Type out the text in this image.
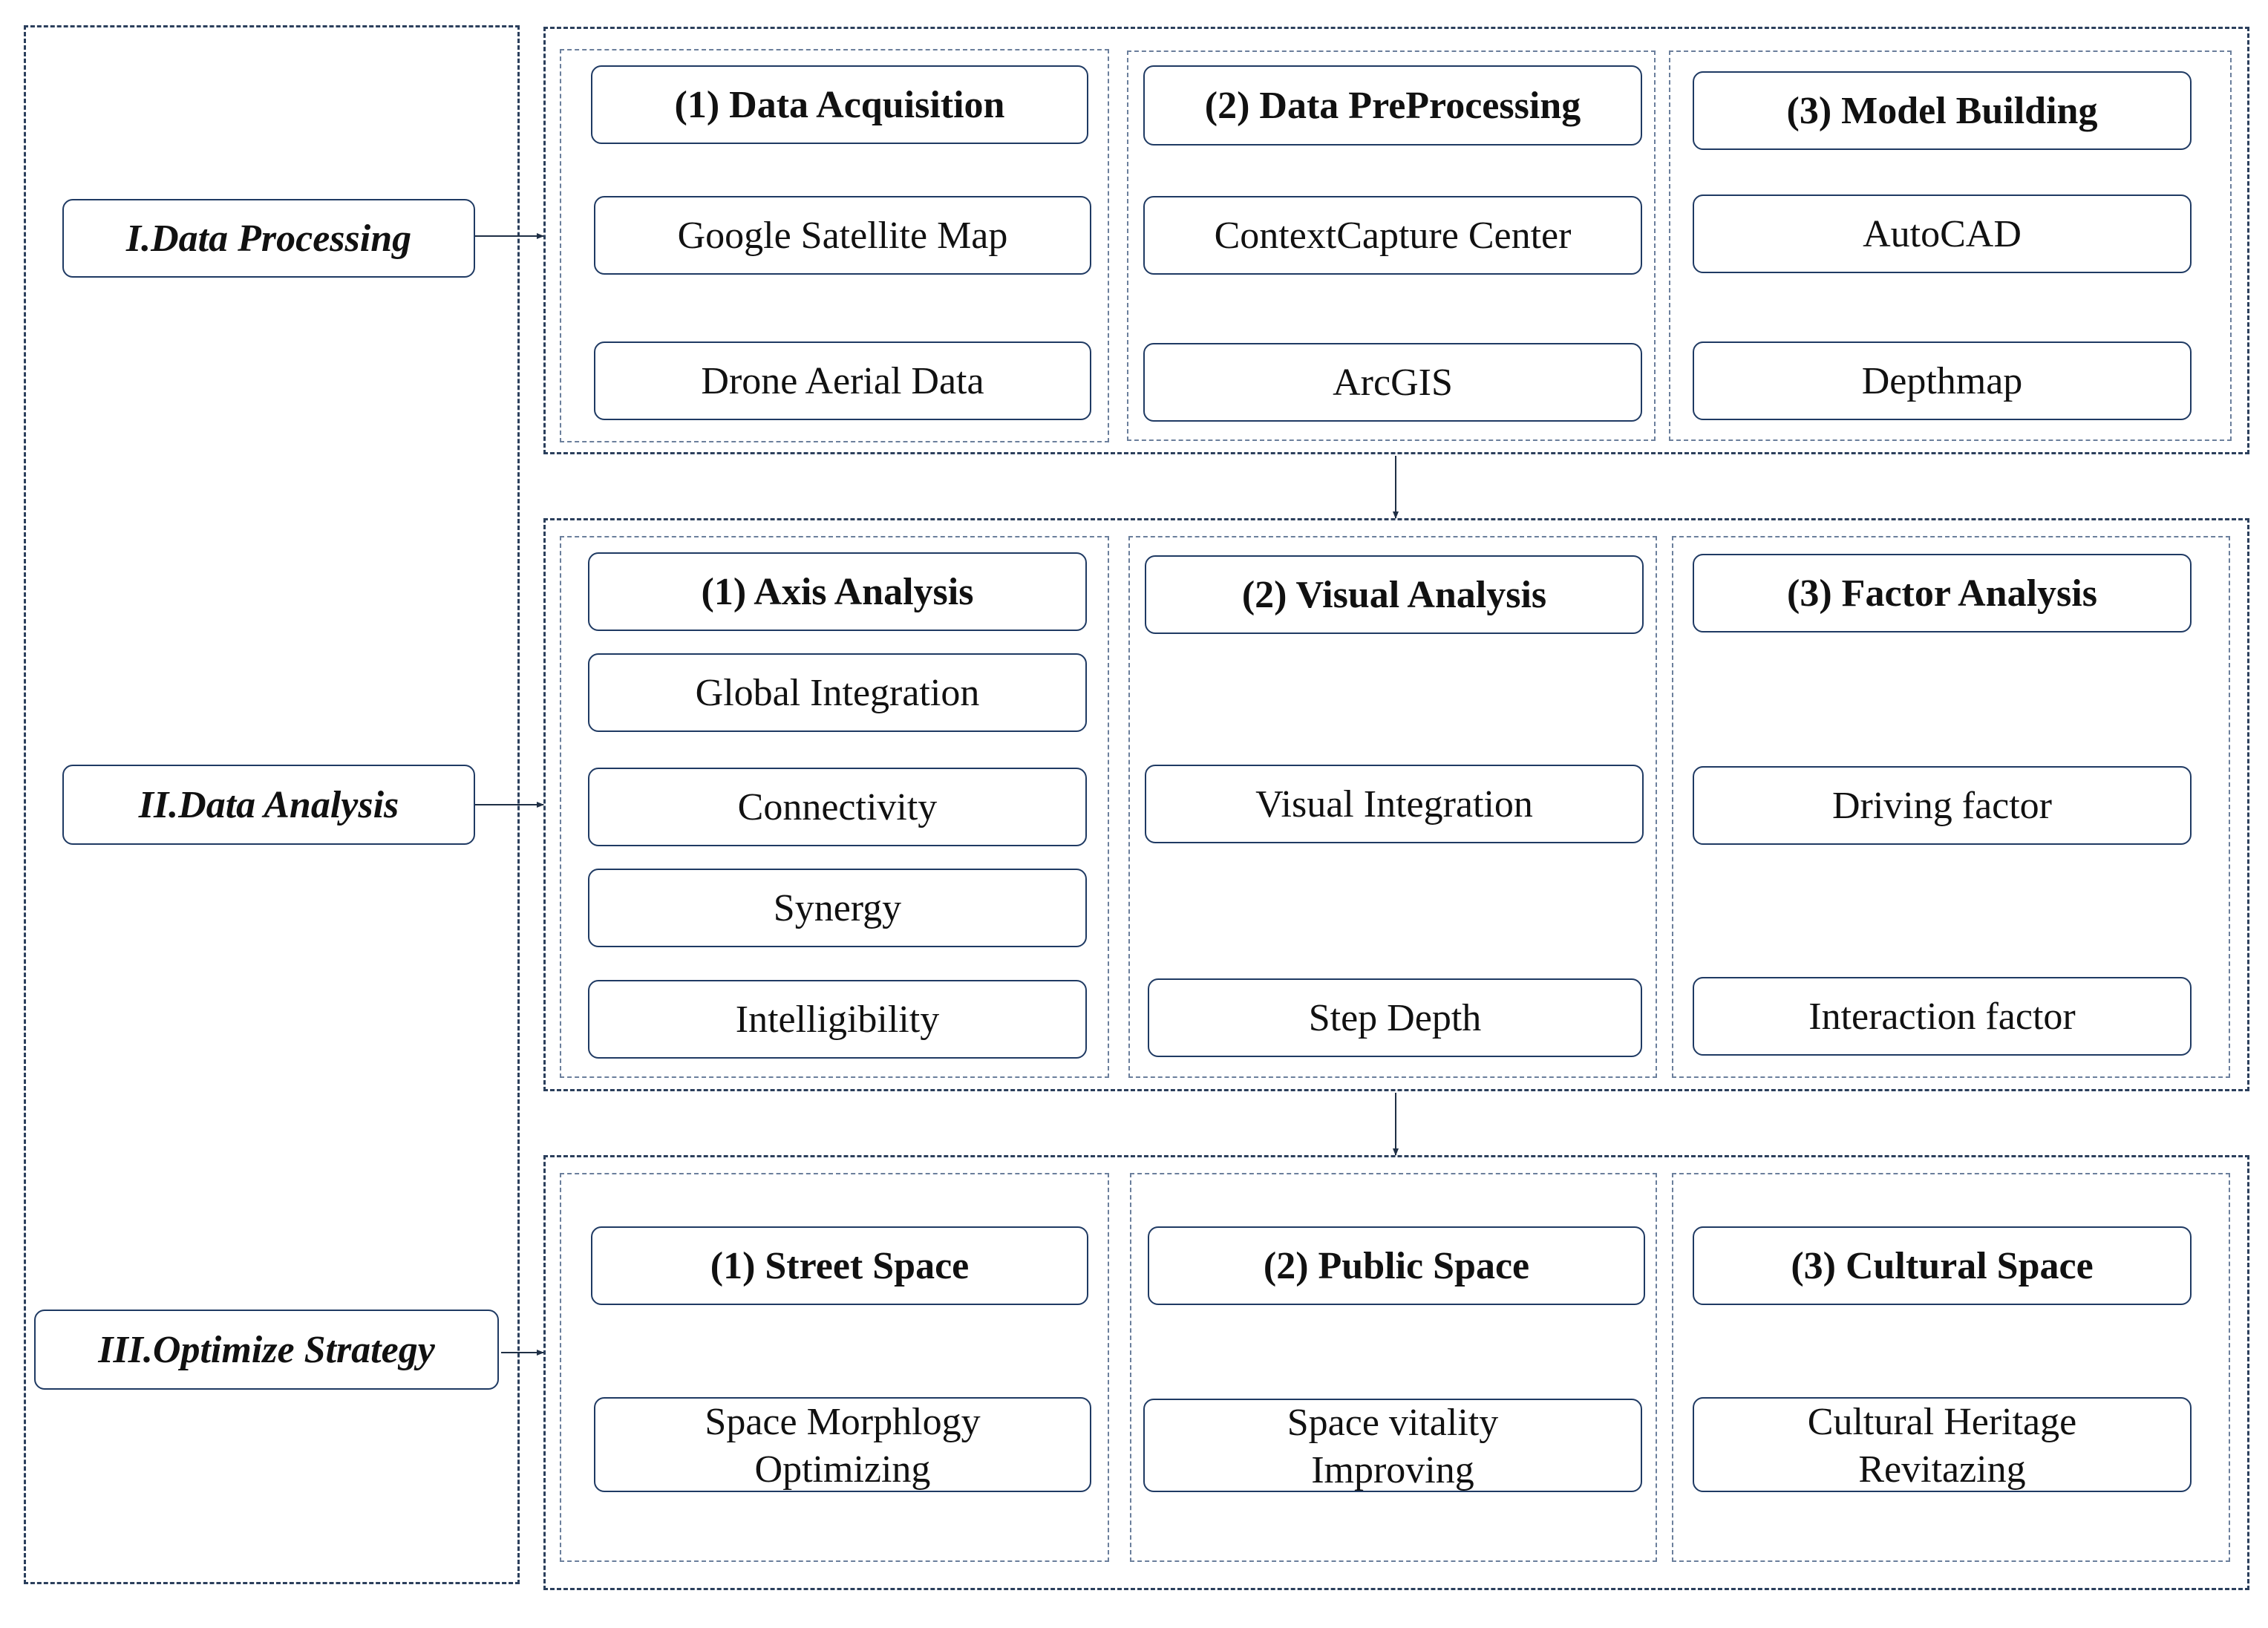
I.Data Processing
II.Data Analysis
III.Optimize Strategy
(1) Data Acquisition
Google Satellite Map
Drone Aerial Data
(2) Data PreProcessing
ContextCapture Center
ArcGIS
(3) Model Building
AutoCAD
Depthmap
(1) Axis Analysis
Global Integration
Connectivity
Synergy
Intelligibility
(2) Visual Analysis
Visual Integration
Step Depth
(3) Factor Analysis
Driving factor
Interaction factor
(1) Street Space
Space Morphlogy
Optimizing
(2) Public Space
Space vitality
Improving
(3) Cultural Space
Cultural Heritage
Revitazing
